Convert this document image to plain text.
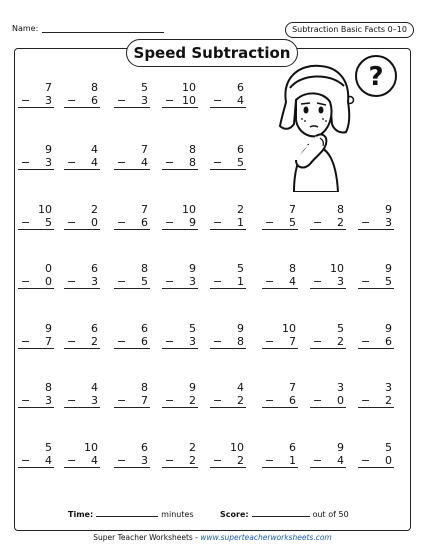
Name:	Subtraction Basic Facts 0–10
Speed Subtraction
7
− 3
8
− 6
5
− 3
10
− 10
6
− 4
9
− 3
4
− 4
7
− 4
8
− 8
6
− 5
10
− 5
2
− 0
7
− 6
10
− 9
2
− 1
7
− 5
8
− 2
9
− 3
0
− 0
6
− 3
8
− 5
9
− 3
5
− 1
8
− 4
10
− 3
9
− 5
9
− 7
6
− 2
6
− 6
5
− 3
9
− 8
10
− 7
5
− 2
9
− 6
8
− 3
4
− 3
8
− 7
9
− 2
4
− 2
7
− 6
3
− 0
3
− 2
5
− 4
10
− 4
6
− 3
2
− 2
10
− 2
6
− 1
9
− 4
5
− 0
?
Time:	minutes	Score:	out of 50
Super Teacher Worksheets - www.superteacherworksheets.com
